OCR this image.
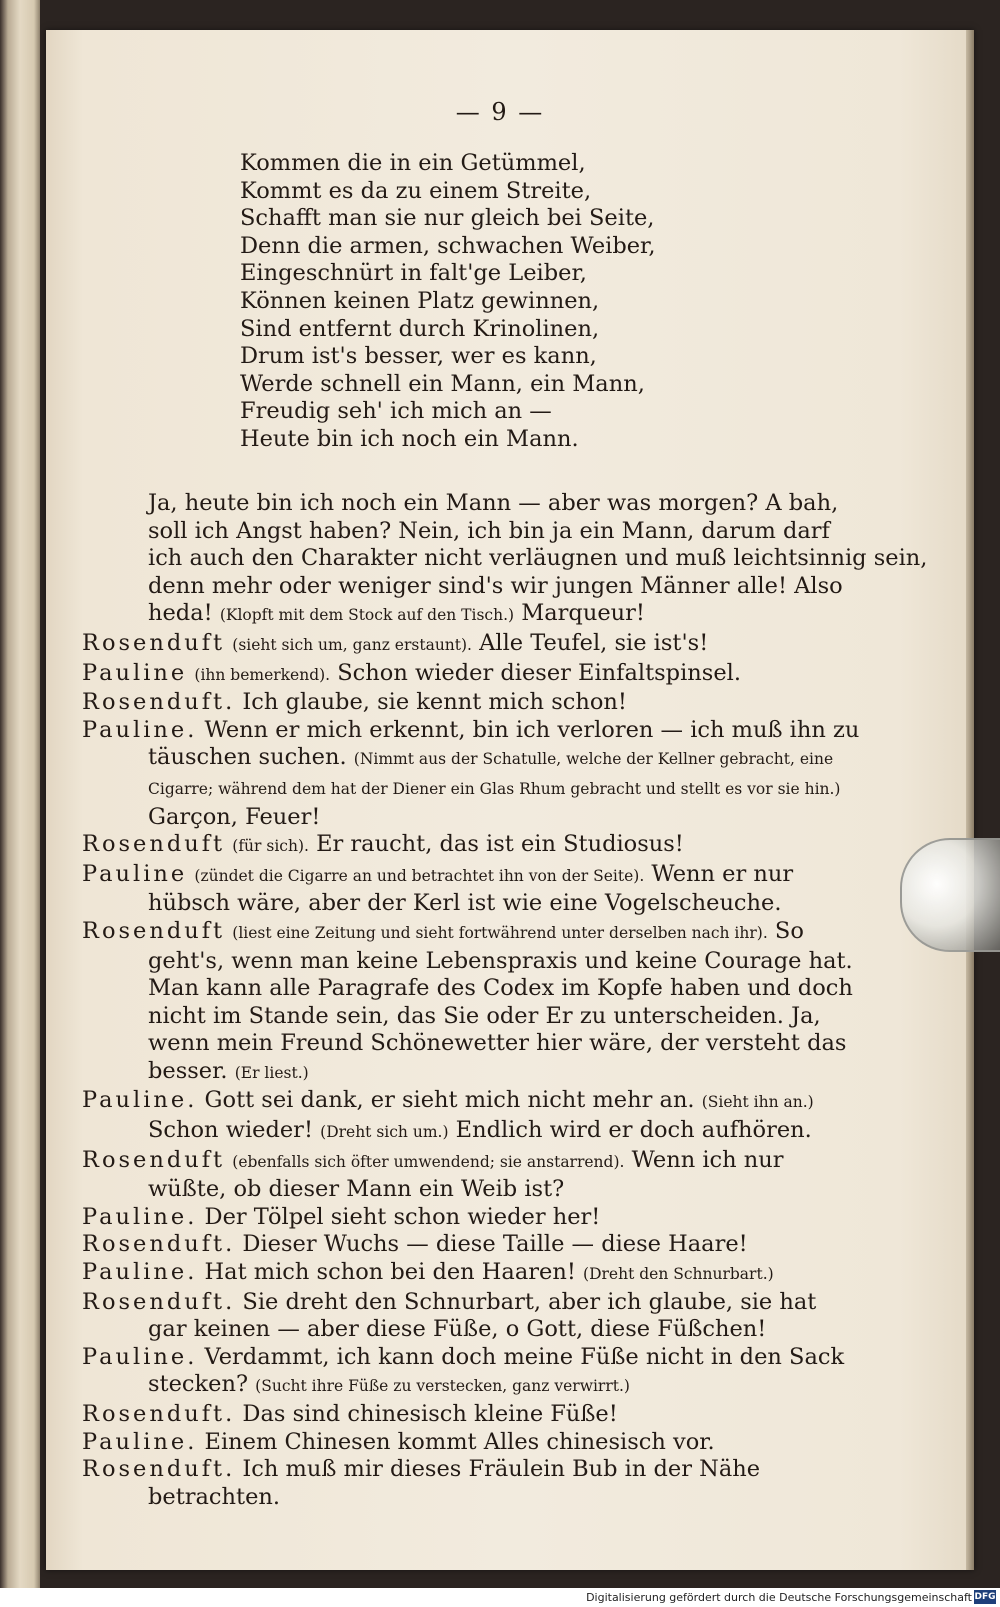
— 9 —
Kommen die in ein Getümmel,
Kommt es da zu einem Streite,
Schafft man sie nur gleich bei Seite,
Denn die armen, schwachen Weiber,
Eingeschnürt in falt'ge Leiber,
Können keinen Platz gewinnen,
Sind entfernt durch Krinolinen,
Drum ist's besser, wer es kann,
Werde schnell ein Mann, ein Mann,
Freudig seh' ich mich an —
Heute bin ich noch ein Mann.
Ja, heute bin ich noch ein Mann — aber was morgen? A bah,
soll ich Angst haben? Nein, ich bin ja ein Mann, darum darf
ich auch den Charakter nicht verläugnen und muß leichtsinnig sein,
denn mehr oder weniger sind's wir jungen Männer alle! Also
heda! (Klopft mit dem Stock auf den Tisch.) Marqueur!
Rosenduft (sieht sich um, ganz erstaunt). Alle Teufel, sie ist's!
Pauline (ihn bemerkend). Schon wieder dieser Einfaltspinsel.
Rosenduft. Ich glaube, sie kennt mich schon!
Pauline. Wenn er mich erkennt, bin ich verloren — ich muß ihn zu täuschen suchen. (Nimmt aus der Schatulle, welche der Kellner gebracht, eine Cigarre; während dem hat der Diener ein Glas Rhum gebracht und stellt es vor sie hin.) Garçon, Feuer!
Rosenduft (für sich). Er raucht, das ist ein Studiosus!
Pauline (zündet die Cigarre an und betrachtet ihn von der Seite). Wenn er nur hübsch wäre, aber der Kerl ist wie eine Vogelscheuche.
Rosenduft (liest eine Zeitung und sieht fortwährend unter derselben nach ihr). So geht's, wenn man keine Lebenspraxis und keine Courage hat. Man kann alle Paragrafe des Codex im Kopfe haben und doch nicht im Stande sein, das Sie oder Er zu unterscheiden. Ja, wenn mein Freund Schönewetter hier wäre, der versteht das besser. (Er liest.)
Pauline. Gott sei dank, er sieht mich nicht mehr an. (Sieht ihn an.) Schon wieder! (Dreht sich um.) Endlich wird er doch aufhören.
Rosenduft (ebenfalls sich öfter umwendend; sie anstarrend). Wenn ich nur wüßte, ob dieser Mann ein Weib ist?
Pauline. Der Tölpel sieht schon wieder her!
Rosenduft. Dieser Wuchs — diese Taille — diese Haare!
Pauline. Hat mich schon bei den Haaren! (Dreht den Schnurbart.)
Rosenduft. Sie dreht den Schnurbart, aber ich glaube, sie hat gar keinen — aber diese Füße, o Gott, diese Füßchen!
Pauline. Verdammt, ich kann doch meine Füße nicht in den Sack stecken? (Sucht ihre Füße zu verstecken, ganz verwirrt.)
Rosenduft. Das sind chinesisch kleine Füße!
Pauline. Einem Chinesen kommt Alles chinesisch vor.
Rosenduft. Ich muß mir dieses Fräulein Bub in der Nähe betrachten.
Digitalisierung gefördert durch die Deutsche Forschungsgemeinschaft DFG
